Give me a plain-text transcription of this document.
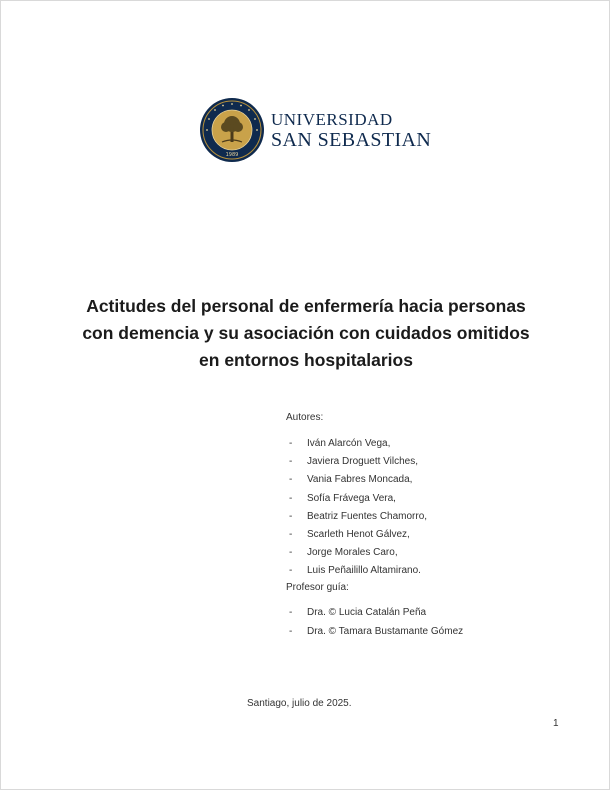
1989
UNIVERSIDAD
SAN SEBASTIAN
Actitudes del personal de enfermería hacia personas
con demencia y su asociación con cuidados omitidos
en entornos hospitalarios
Autores:
-	Iván Alarcón Vega,
-	Javiera Droguett Vilches,
-	Vania Fabres Moncada,
-	Sofía Frávega Vera,
-	Beatriz Fuentes Chamorro,
-	Scarleth Henot Gálvez,
-	Jorge Morales Caro,
-	Luis Peñailillo Altamirano.
Profesor guía:
-	Dra. © Lucia Catalán Peña
-	Dra. © Tamara Bustamante Gómez
Santiago, julio de 2025.
1
